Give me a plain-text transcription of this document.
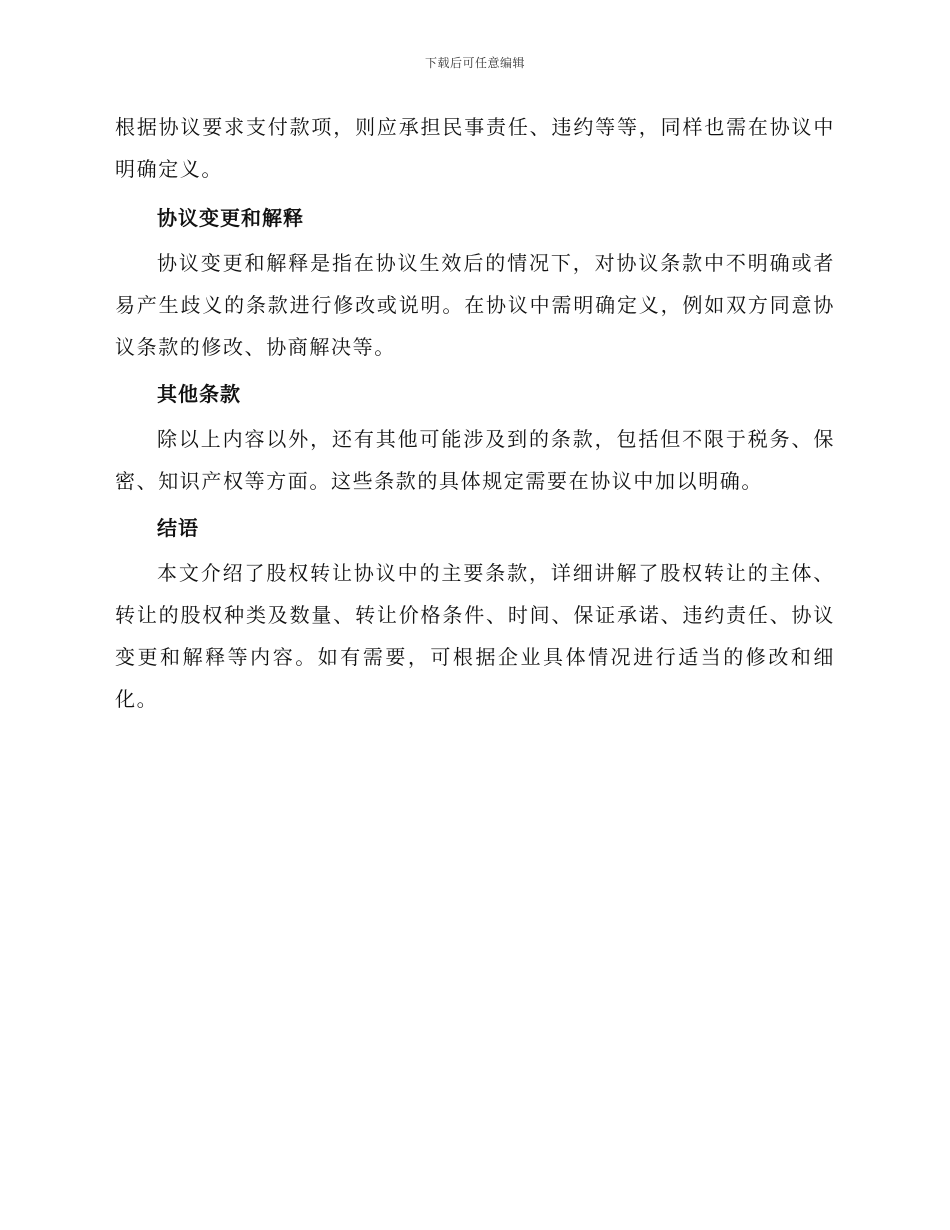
下载后可任意编辑

根据协议要求支付款项，则应承担民事责任、违约等等，同样也需在协议中明确定义。

协议变更和解释

协议变更和解释是指在协议生效后的情况下，对协议条款中不明确或者易产生歧义的条款进行修改或说明。在协议中需明确定义，例如双方同意协议条款的修改、协商解决等。

其他条款

除以上内容以外，还有其他可能涉及到的条款，包括但不限于税务、保密、知识产权等方面。这些条款的具体规定需要在协议中加以明确。

结语

本文介绍了股权转让协议中的主要条款，详细讲解了股权转让的主体、转让的股权种类及数量、转让价格条件、时间、保证承诺、违约责任、协议变更和解释等内容。如有需要，可根据企业具体情况进行适当的修改和细化。
